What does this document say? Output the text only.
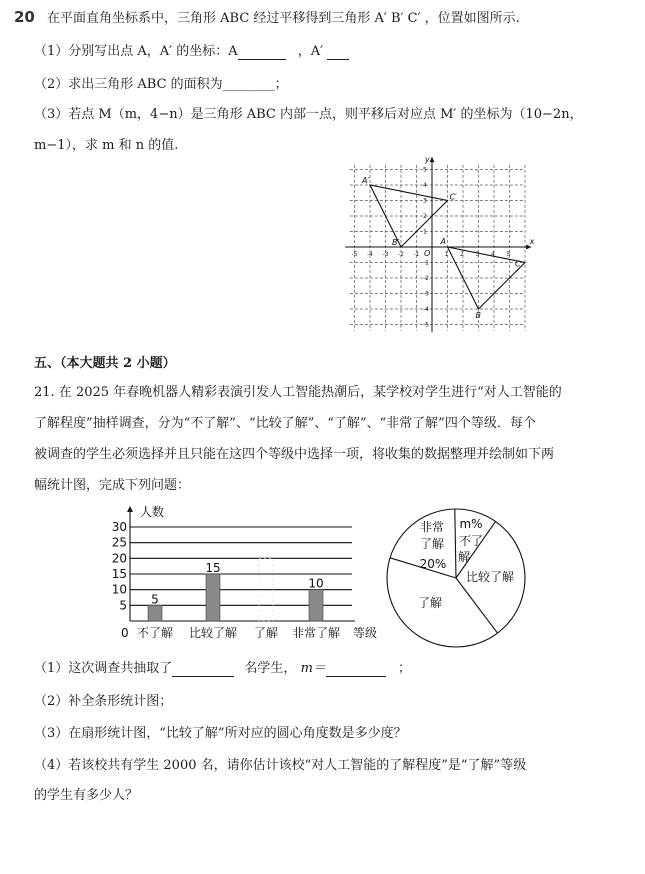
20 在平面直角坐标系中，三角形 ABC 经过平移得到三角形 A′ B′ C′ ，位置如图所示.
（1）分别写出点 A，A′ 的坐标：A	，A′
（2）求出三角形 ABC 的面积为________；
（3）若点 M（m，4−n）是三角形 ABC 内部一点，则平移后对应点 M′ 的坐标为（10−2n，
m−1），求 m 和 n 的值.
x
y
O
-5 -4 -3 -2 -1	1 2 3 4 5
5
4
3
2
1
-1
-2
-3
-4
-5
A′
B′
C′
A
B
C
五、（本大题共 2 小题）
21. 在 2025 年春晚机器人精彩表演引发人工智能热潮后，某学校对学生进行“对人工智能的
了解程度”抽样调查，分为“不了解”、“比较了解”、“了解”、“非常了解”四个等级．每个
被调查的学生必须选择并且只能在这四个等级中选择一项，将收集的数据整理并绘制如下两
幅统计图，完成下列问题：
5
10
15
20
25
30
人数
0
5
不了解
15
比较了解 了解
10
非常了解 等级
非常
了解
20%
m%
不了
解
比较了解
了解
（1）这次调查共抽取了	名学生， m＝	；
（2）补全条形统计图；
（3）在扇形统计图，“比较了解”所对应的圆心角度数是多少度？
（4）若该校共有学生 2000 名，请你估计该校“对人工智能的了解程度”是“了解”等级
的学生有多少人？
